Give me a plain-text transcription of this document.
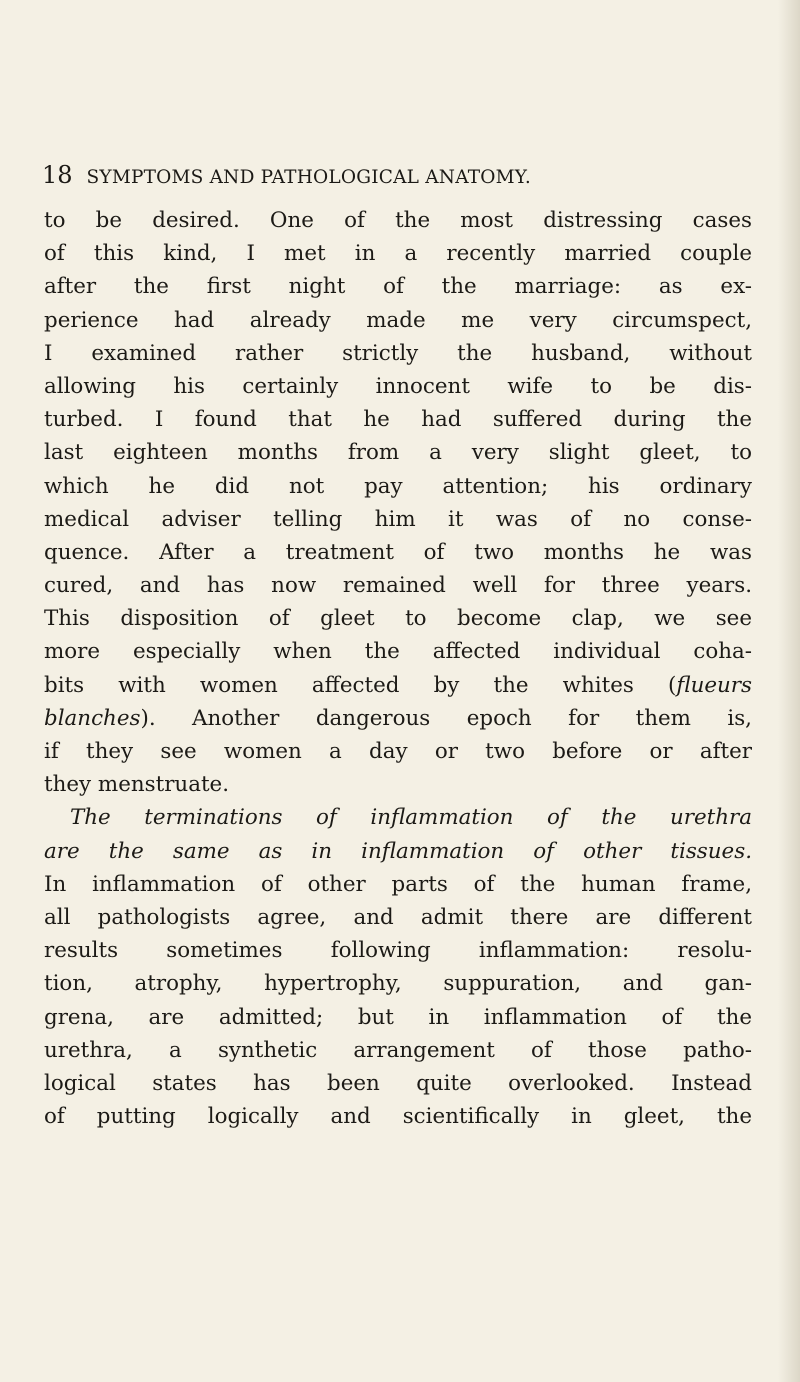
18 SYMPTOMS AND PATHOLOGICAL ANATOMY.
to be desired. One of the most distressing cases
of this kind, I met in a recently married couple
after the first night of the marriage: as ex-
perience had already made me very circumspect,
I examined rather strictly the husband, without
allowing his certainly innocent wife to be dis-
turbed. I found that he had suffered during the
last eighteen months from a very slight gleet, to
which he did not pay attention; his ordinary
medical adviser telling him it was of no conse-
quence. After a treatment of two months he was
cured, and has now remained well for three years.
This disposition of gleet to become clap, we see
more especially when the affected individual coha-
bits with women affected by the whites (flueurs
blanches). Another dangerous epoch for them is,
if they see women a day or two before or after
they menstruate.
The terminations of inflammation of the urethra
are the same as in inflammation of other tissues.
In inflammation of other parts of the human frame,
all pathologists agree, and admit there are different
results sometimes following inflammation: resolu-
tion, atrophy, hypertrophy, suppuration, and gan-
grena, are admitted; but in inflammation of the
urethra, a synthetic arrangement of those patho-
logical states has been quite overlooked. Instead
of putting logically and scientifically in gleet, the
